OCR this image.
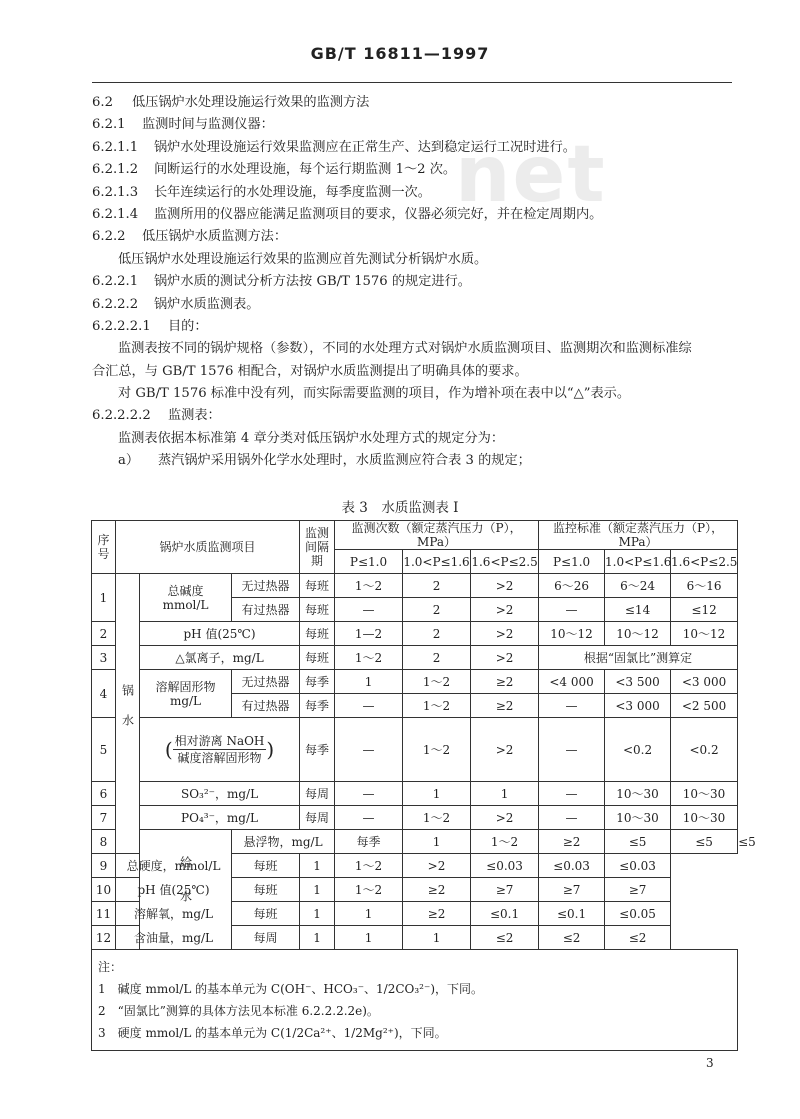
GB/T 16811—1997
net
6.2 低压锅炉水处理设施运行效果的监测方法
6.2.1 监测时间与监测仪器：
6.2.1.1 锅炉水处理设施运行效果监测应在正常生产、达到稳定运行工况时进行。
6.2.1.2 间断运行的水处理设施，每个运行期监测 1～2 次。
6.2.1.3 长年连续运行的水处理设施，每季度监测一次。
6.2.1.4 监测所用的仪器应能满足监测项目的要求，仪器必须完好，并在检定周期内。
6.2.2 低压锅炉水质监测方法：
低压锅炉水处理设施运行效果的监测应首先测试分析锅炉水质。
6.2.2.1 锅炉水质的测试分析方法按 GB/T 1576 的规定进行。
6.2.2.2 锅炉水质监测表。
6.2.2.2.1 目的：
监测表按不同的锅炉规格（参数），不同的水处理方式对锅炉水质监测项目、监测期次和监测标准综
合汇总，与 GB/T 1576 相配合，对锅炉水质监测提出了明确具体的要求。
对 GB/T 1576 标准中没有列，而实际需要监测的项目，作为增补项在表中以“△”表示。
6.2.2.2.2 监测表：
监测表依据本标准第 4 章分类对低压锅炉水处理方式的规定分为：
a） 蒸汽锅炉采用锅外化学水处理时，水质监测应符合表 3 的规定；
表 3　水质监测表 I
序号	锅炉水质监测项目			监测间隔期	监测次数（额定蒸汽压力（P），MPa）			监控标准（额定蒸汽压力（P），MPa）			
					P≤1.0	1.0<P≤1.6	1.6<P≤2.5	P≤1.0	1.0<P≤1.6	1.6<P≤2.5	
1	锅水	总碱度
mmol/L	无过热器	每班	1～2	2	>2	6～26	6～24	6～16	
			有过热器	每班	—	2	>2	—	≤14	≤12	
2		pH 值(25℃)		每班	1—2	2	>2	10～12	10～12	10～12	
3		△氯离子，mg/L		每班	1～2	2	>2	根据“固氯比”测算定			
4		溶解固形物
mg/L	无过热器	每季	1	1～2	≥2	<4 000	<3 500	<3 000	
			有过热器	每季	—	1～2	≥2	—	<3 000	<2 500	
5		( $\frac{\text{相对游离 NaOH}}{\text{碱度溶解固形物}}$ )		每季	—	1～2	>2	—	<0.2	<0.2	
6		SO₃²⁻，mg/L		每周	—	1	1	—	10～30	10～30	
7		PO₄³⁻，mg/L		每周	—	1～2	>2	—	10～30	10～30	
8		给水	悬浮物，mg/L		每季	1	1～2	≥2	≤5	≤5	≤5
9	总硬度，mmol/L		每班	1	1～2	>2	≤0.03	≤0.03	≤0.03		
10	pH 值(25℃)		每班	1	1～2	≥2	≥7	≥7	≥7		
11	溶解氧，mg/L		每班	1	1	≥2	≤0.1	≤0.1	≤0.05		
12	含油量，mg/L		每周	1	1	1	≤2	≤2	≤2		

注：
1　碱度 mmol/L 的基本单元为 C(OH⁻、HCO₃⁻、1/2CO₃²⁻)，下同。
2　“固氯比”测算的具体方法见本标准 6.2.2.2.2e)。
3　硬度 mmol/L 的基本单元为 C(1/2Ca²⁺、1/2Mg²⁺)，下同。											
3
